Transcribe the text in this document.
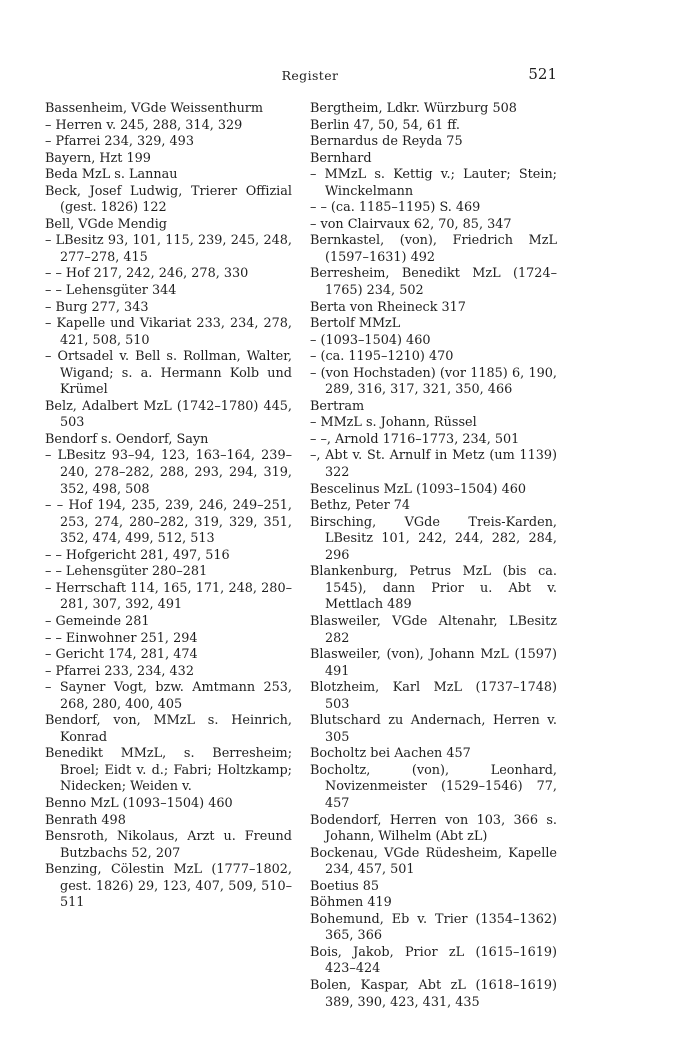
Register	521

Bassenheim, VGde Weissenthurm

– Herren v. 245, 288, 314, 329

– Pfarrei 234, 329, 493

Bayern, Hzt 199

Beda MzL s. Lannau

Beck, Josef Ludwig, Trierer Offizial (gest. 1826) 122

Bell, VGde Mendig

– LBesitz 93, 101, 115, 239, 245, 248, 277–278, 415

– – Hof 217, 242, 246, 278, 330

– – Lehensgüter 344

– Burg 277, 343

– Kapelle und Vikariat 233, 234, 278, 421, 508, 510

– Ortsadel v. Bell s. Rollman, Walter, Wigand; s. a. Hermann Kolb und Krümel

Belz, Adalbert MzL (1742–1780) 445, 503

Bendorf s. Oendorf, Sayn

– LBesitz 93–94, 123, 163–164, 239–240, 278–282, 288, 293, 294, 319, 352, 498, 508

– – Hof 194, 235, 239, 246, 249–251, 253, 274, 280–282, 319, 329, 351, 352, 474, 499, 512, 513

– – Hofgericht 281, 497, 516

– – Lehensgüter 280–281

– Herrschaft 114, 165, 171, 248, 280–281, 307, 392, 491

– Gemeinde 281

– – Einwohner 251, 294

– Gericht 174, 281, 474

– Pfarrei 233, 234, 432

– Sayner Vogt, bzw. Amtmann 253, 268, 280, 400, 405

Bendorf, von, MMzL s. Heinrich, Konrad

Benedikt MMzL, s. Berresheim; Broel; Eidt v. d.; Fabri; Holtzkamp; Nidecken; Weiden v.

Benno MzL (1093–1504) 460

Benrath 498

Bensroth, Nikolaus, Arzt u. Freund Butzbachs 52, 207

Benzing, Cölestin MzL (1777–1802, gest. 1826) 29, 123, 407, 509, 510–511

Bergtheim, Ldkr. Würzburg 508

Berlin 47, 50, 54, 61 ff.

Bernardus de Reyda 75

Bernhard

– MMzL s. Kettig v.; Lauter; Stein; Winckelmann

– – (ca. 1185–1195) S. 469

– von Clairvaux 62, 70, 85, 347

Bernkastel, (von), Friedrich MzL (1597–1631) 492

Berresheim, Benedikt MzL (1724–1765) 234, 502

Berta von Rheineck 317

Bertolf MMzL

– (1093–1504) 460

– (ca. 1195–1210) 470

– (von Hochstaden) (vor 1185) 6, 190, 289, 316, 317, 321, 350, 466

Bertram

– MMzL s. Johann, Rüssel

– –, Arnold 1716–1773, 234, 501

–, Abt v. St. Arnulf in Metz (um 1139) 322

Bescelinus MzL (1093–1504) 460

Bethz, Peter 74

Birsching, VGde Treis-Karden, LBesitz 101, 242, 244, 282, 284, 296

Blankenburg, Petrus MzL (bis ca. 1545), dann Prior u. Abt v. Mettlach 489

Blasweiler, VGde Altenahr, LBesitz 282

Blasweiler, (von), Johann MzL (1597) 491

Blotzheim, Karl MzL (1737–1748) 503

Blutschard zu Andernach, Herren v. 305

Bocholtz bei Aachen 457

Bocholtz, (von), Leonhard, Novizenmeister (1529–1546) 77, 457

Bodendorf, Herren von 103, 366 s. Johann, Wilhelm (Abt zL)

Bockenau, VGde Rüdesheim, Kapelle 234, 457, 501

Boetius 85

Böhmen 419

Bohemund, Eb v. Trier (1354–1362) 365, 366

Bois, Jakob, Prior zL (1615–1619) 423–424

Bolen, Kaspar, Abt zL (1618–1619) 389, 390, 423, 431, 435
